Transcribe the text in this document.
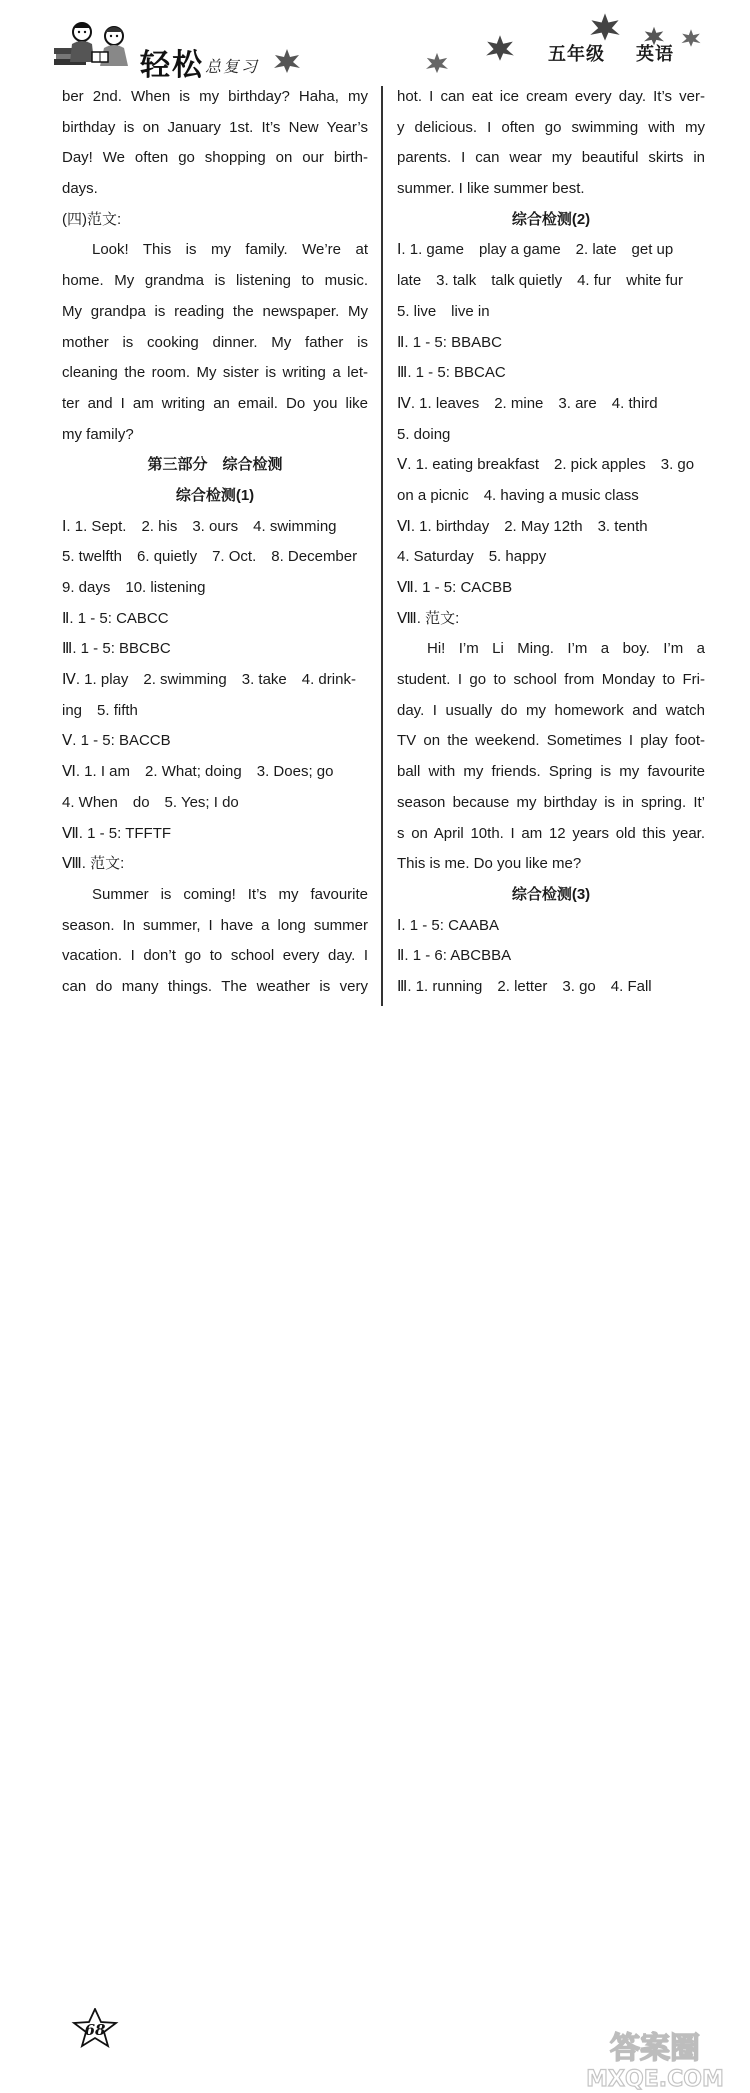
轻松 总复习
五年级 英语

ber 2nd. When is my birthday? Haha, my

birthday is on January 1st. It’s New Year’s

Day! We often go shopping on our birth-

days.

(四)范文:

Look! This is my family. We’re at

home. My grandma is listening to music.

My grandpa is reading the newspaper. My

mother is cooking dinner. My father is

cleaning the room. My sister is writing a let-

ter and I am writing an email. Do you like

my family?

第三部分　综合检测

综合检测(1)

Ⅰ. 1. Sept.　2. his　3. ours　4. swimming

5. twelfth　6. quietly　7. Oct.　8. December

9. days　10. listening

Ⅱ. 1 - 5: CABCC

Ⅲ. 1 - 5: BBCBC

Ⅳ. 1. play　2. swimming　3. take　4. drink-

ing　5. fifth

Ⅴ. 1 - 5: BACCB

Ⅵ. 1. I am　2. What; doing　3. Does; go

4. When　do　5. Yes; I do

Ⅶ. 1 - 5: TFFTF

Ⅷ. 范文:

Summer is coming! It’s my favourite

season. In summer, I have a long summer

vacation. I don’t go to school every day. I

can do many things. The weather is very

hot. I can eat ice cream every day. It’s ver-

y delicious. I often go swimming with my

parents. I can wear my beautiful skirts in

summer. I like summer best.

综合检测(2)

Ⅰ. 1. game　play a game　2. late　get up

late　3. talk　talk quietly　4. fur　white fur

5. live　live in

Ⅱ. 1 - 5: BBABC

Ⅲ. 1 - 5: BBCAC

Ⅳ. 1. leaves　2. mine　3. are　4. third

5. doing

Ⅴ. 1. eating breakfast　2. pick apples　3. go

on a picnic　4. having a music class

Ⅵ. 1. birthday　2. May 12th　3. tenth

4. Saturday　5. happy

Ⅶ. 1 - 5: CACBB

Ⅷ. 范文:

Hi! I’m Li Ming. I’m a boy. I’m a

student. I go to school from Monday to Fri-

day. I usually do my homework and watch

TV on the weekend. Sometimes I play foot-

ball with my friends. Spring is my favourite

season because my birthday is in spring. It’

s on April 10th. I am 12 years old this year.

This is me. Do you like me?

综合检测(3)

Ⅰ. 1 - 5: CAABA

Ⅱ. 1 - 6: ABCBBA

Ⅲ. 1. running　2. letter　3. go　4. Fall

68
答案圈
MXQE.COM
